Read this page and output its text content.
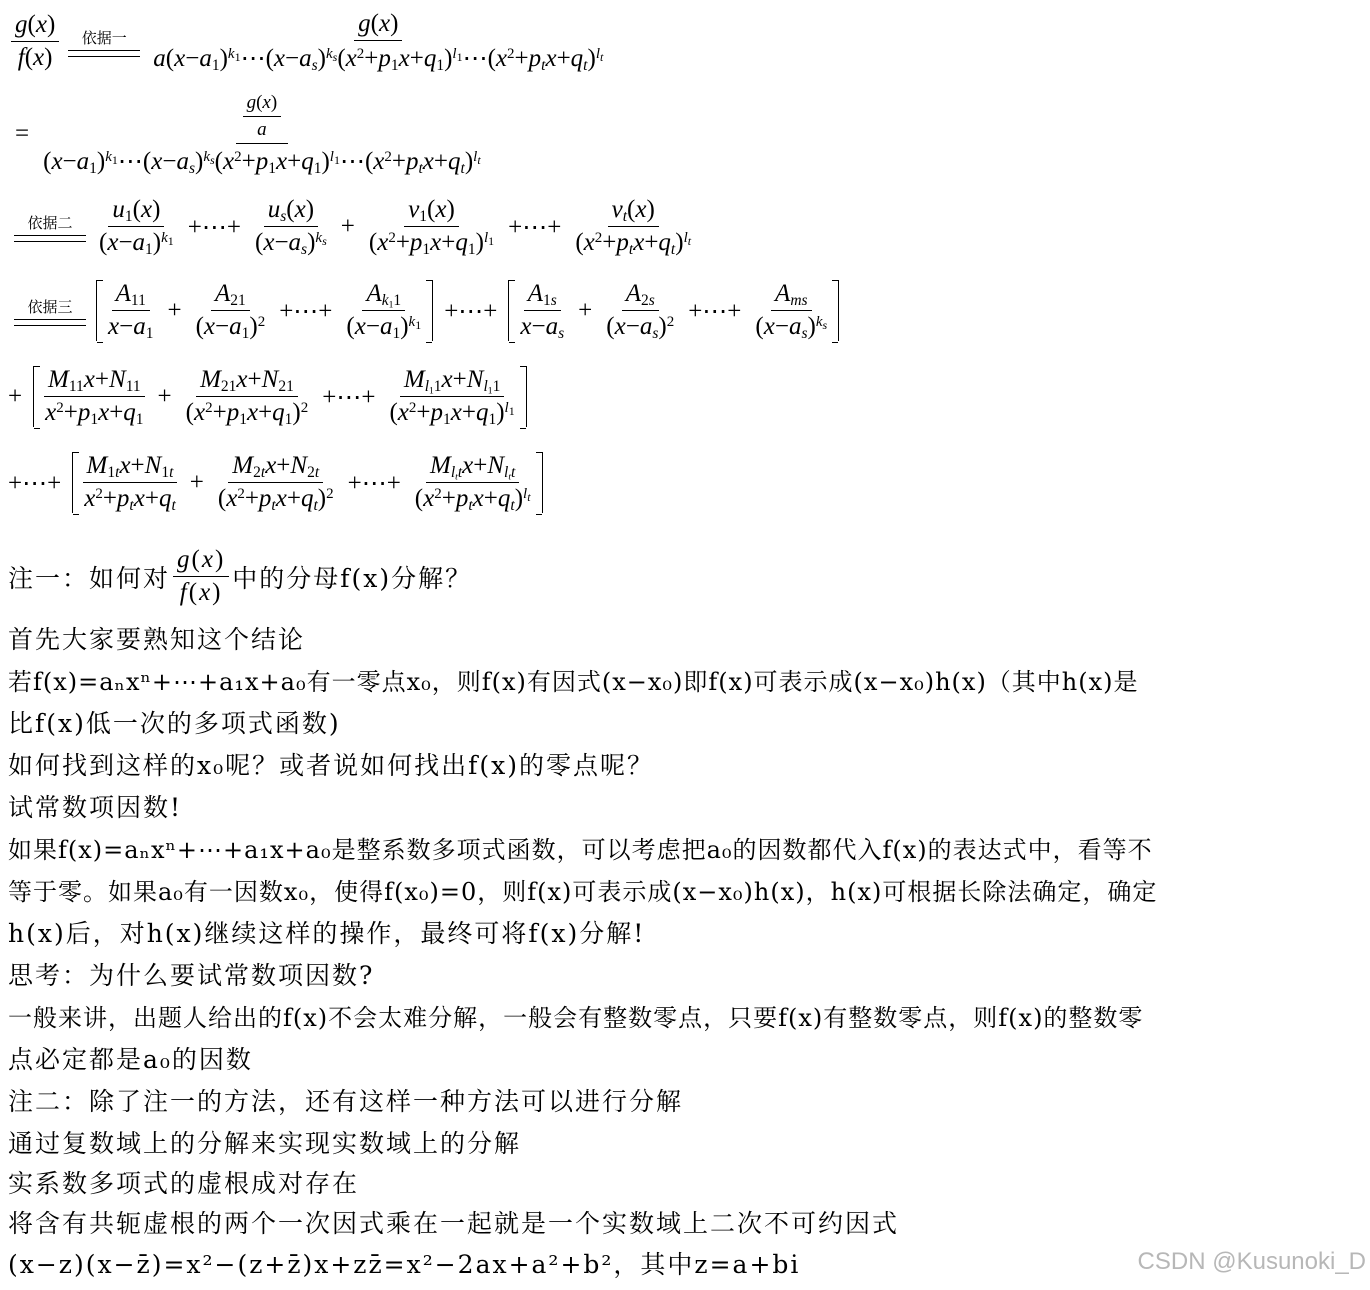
$\frac{g(x)}{f(x)}$ 依据一 $\frac{g(x)}{a(x-a_1)^{k_1}\cdots(x-a_s)^{k_s}(x^2+p_1x+q_1)^{l_1}\cdots(x^2+p_tx+q_t)^{l_t}}$
= $\frac{\frac{g(x)}{a}}{(x-a_1)^{k_1}\cdots(x-a_s)^{k_s}(x^2+p_1x+q_1)^{l_1}\cdots(x^2+p_tx+q_t)^{l_t}}$
依据二 $\frac{u_1(x)}{(x-a_1)^{k_1}}$ +⋯+ $\frac{u_s(x)}{(x-a_s)^{k_s}} + \frac{v_1(x)}{(x^2+p_1x+q_1)^{l_1}}$ +⋯+ $\frac{v_t(x)}{(x^2+p_tx+q_t)^{l_t}}$
依据三 $\frac{A_{11}}{x-a_1} + \frac{A_{21}}{(x-a_1)^2}$ +⋯+ $\frac{A_{k_11}}{(x-a_1)^{k_1}}$ +⋯+ $\frac{A_{1s}}{x-a_s} + \frac{A_{2s}}{(x-a_s)^2}$ +⋯+ $\frac{A_{ms}}{(x-a_s)^{k_s}}$
+ $\frac{M_{11}x+N_{11}}{x^2+p_1x+q_1} + \frac{M_{21}x+N_{21}}{(x^2+p_1x+q_1)^2}$ +⋯+ $\frac{M_{l_11}x+N_{l_11}}{(x^2+p_1x+q_1)^{l_1}}$
+⋯+ $\frac{M_{1t}x+N_{1t}}{x^2+p_tx+q_t} + \frac{M_{2t}x+N_{2t}}{(x^2+p_tx+q_t)^2}$ +⋯+ $\frac{M_{l_tt}x+N_{l_tt}}{(x^2+p_tx+q_t)^{l_t}}$
注一：如何对 $\frac{g(x)}{f(x)}$ 中的分母f(x)分解？
首先大家要熟知这个结论
若f(x)=aₙxⁿ+⋯+a₁x+a₀有一零点x₀，则f(x)有因式(x−x₀)即f(x)可表示成(x−x₀)h(x)（其中h(x)是
比f(x)低一次的多项式函数)
如何找到这样的x₀呢？或者说如何找出f(x)的零点呢？
试常数项因数!
如果f(x)=aₙxⁿ+⋯+a₁x+a₀是整系数多项式函数，可以考虑把a₀的因数都代入f(x)的表达式中，看等不
等于零。如果a₀有一因数x₀，使得f(x₀)=0，则f(x)可表示成(x−x₀)h(x)，h(x)可根据长除法确定，确定
h(x)后，对h(x)继续这样的操作，最终可将f(x)分解!
思考：为什么要试常数项因数?
一般来讲，出题人给出的f(x)不会太难分解，一般会有整数零点，只要f(x)有整数零点，则f(x)的整数零
点必定都是a₀的因数
注二：除了注一的方法，还有这样一种方法可以进行分解
通过复数域上的分解来实现实数域上的分解
实系数多项式的虚根成对存在
将含有共轭虚根的两个一次因式乘在一起就是一个实数域上二次不可约因式
(x−z)(x−z̄)=x²−(z+z̄)x+zz̄=x²−2ax+a²+b²，其中z=a+bi	CSDN @Kusunoki_D
